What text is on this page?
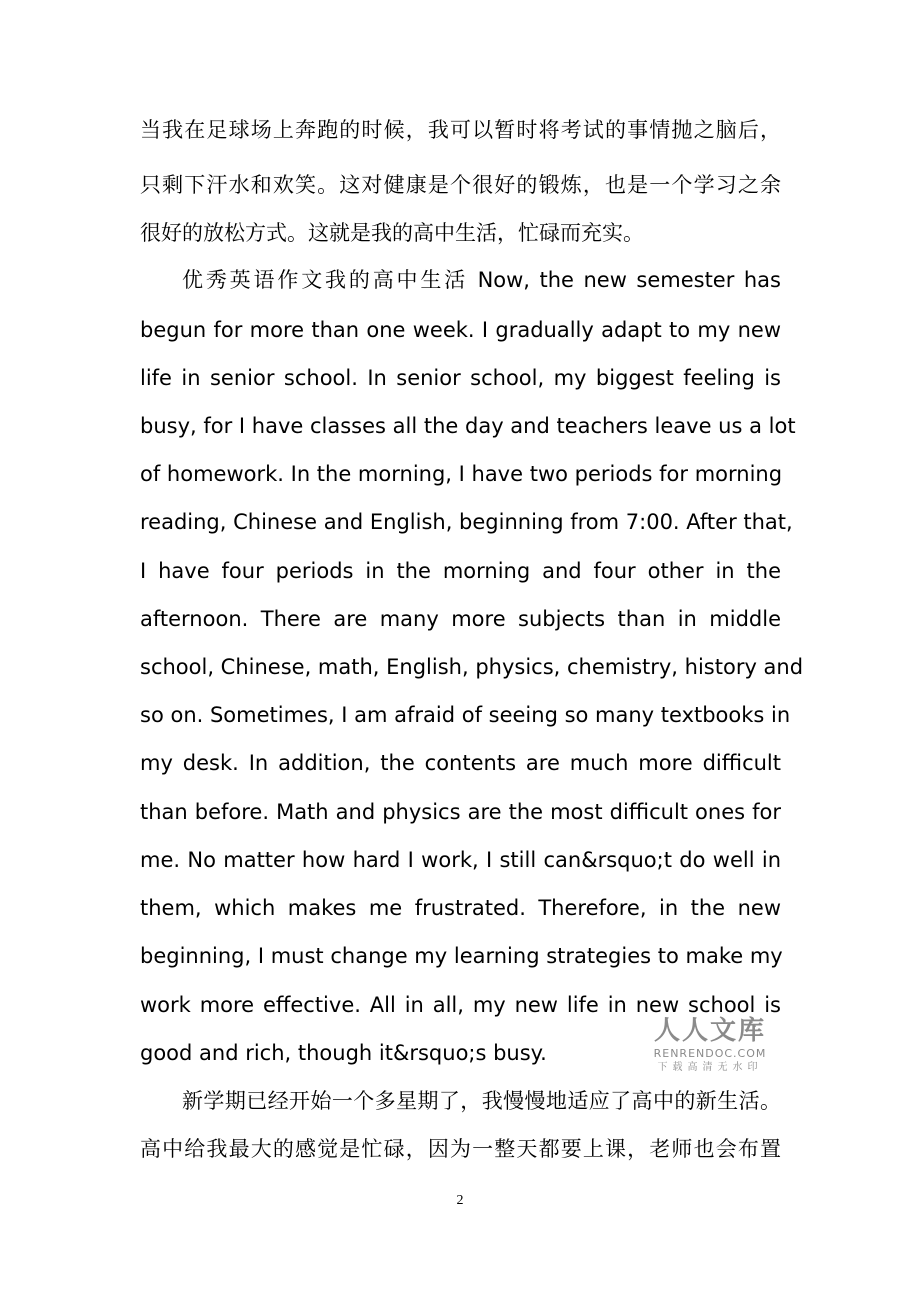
当我在足球场上奔跑的时候，我可以暂时将考试的事情抛之脑后，
只剩下汗水和欢笑。这对健康是个很好的锻炼，也是一个学习之余
很好的放松方式。这就是我的高中生活，忙碌而充实。
优秀英语作文我的高中生活 Now, the new semester has
begun for more than one week. I gradually adapt to my new
life in senior school. In senior school, my biggest feeling is
busy, for I have classes all the day and teachers leave us a lot
of homework. In the morning, I have two periods for morning
reading, Chinese and English, beginning from 7:00. After that,
I have four periods in the morning and four other in the
afternoon. There are many more subjects than in middle
school, Chinese, math, English, physics, chemistry, history and
so on. Sometimes, I am afraid of seeing so many textbooks in
my desk. In addition, the contents are much more difficult
than before. Math and physics are the most difficult ones for
me. No matter how hard I work, I still can&rsquo;t do well in
them, which makes me frustrated. Therefore, in the new
beginning, I must change my learning strategies to make my
work more effective. All in all, my new life in new school is
good and rich, though it&rsquo;s busy.
新学期已经开始一个多星期了，我慢慢地适应了高中的新生活。
高中给我最大的感觉是忙碌，因为一整天都要上课，老师也会布置
人人文库
RENRENDOC.COM
下载高清无水印
2
